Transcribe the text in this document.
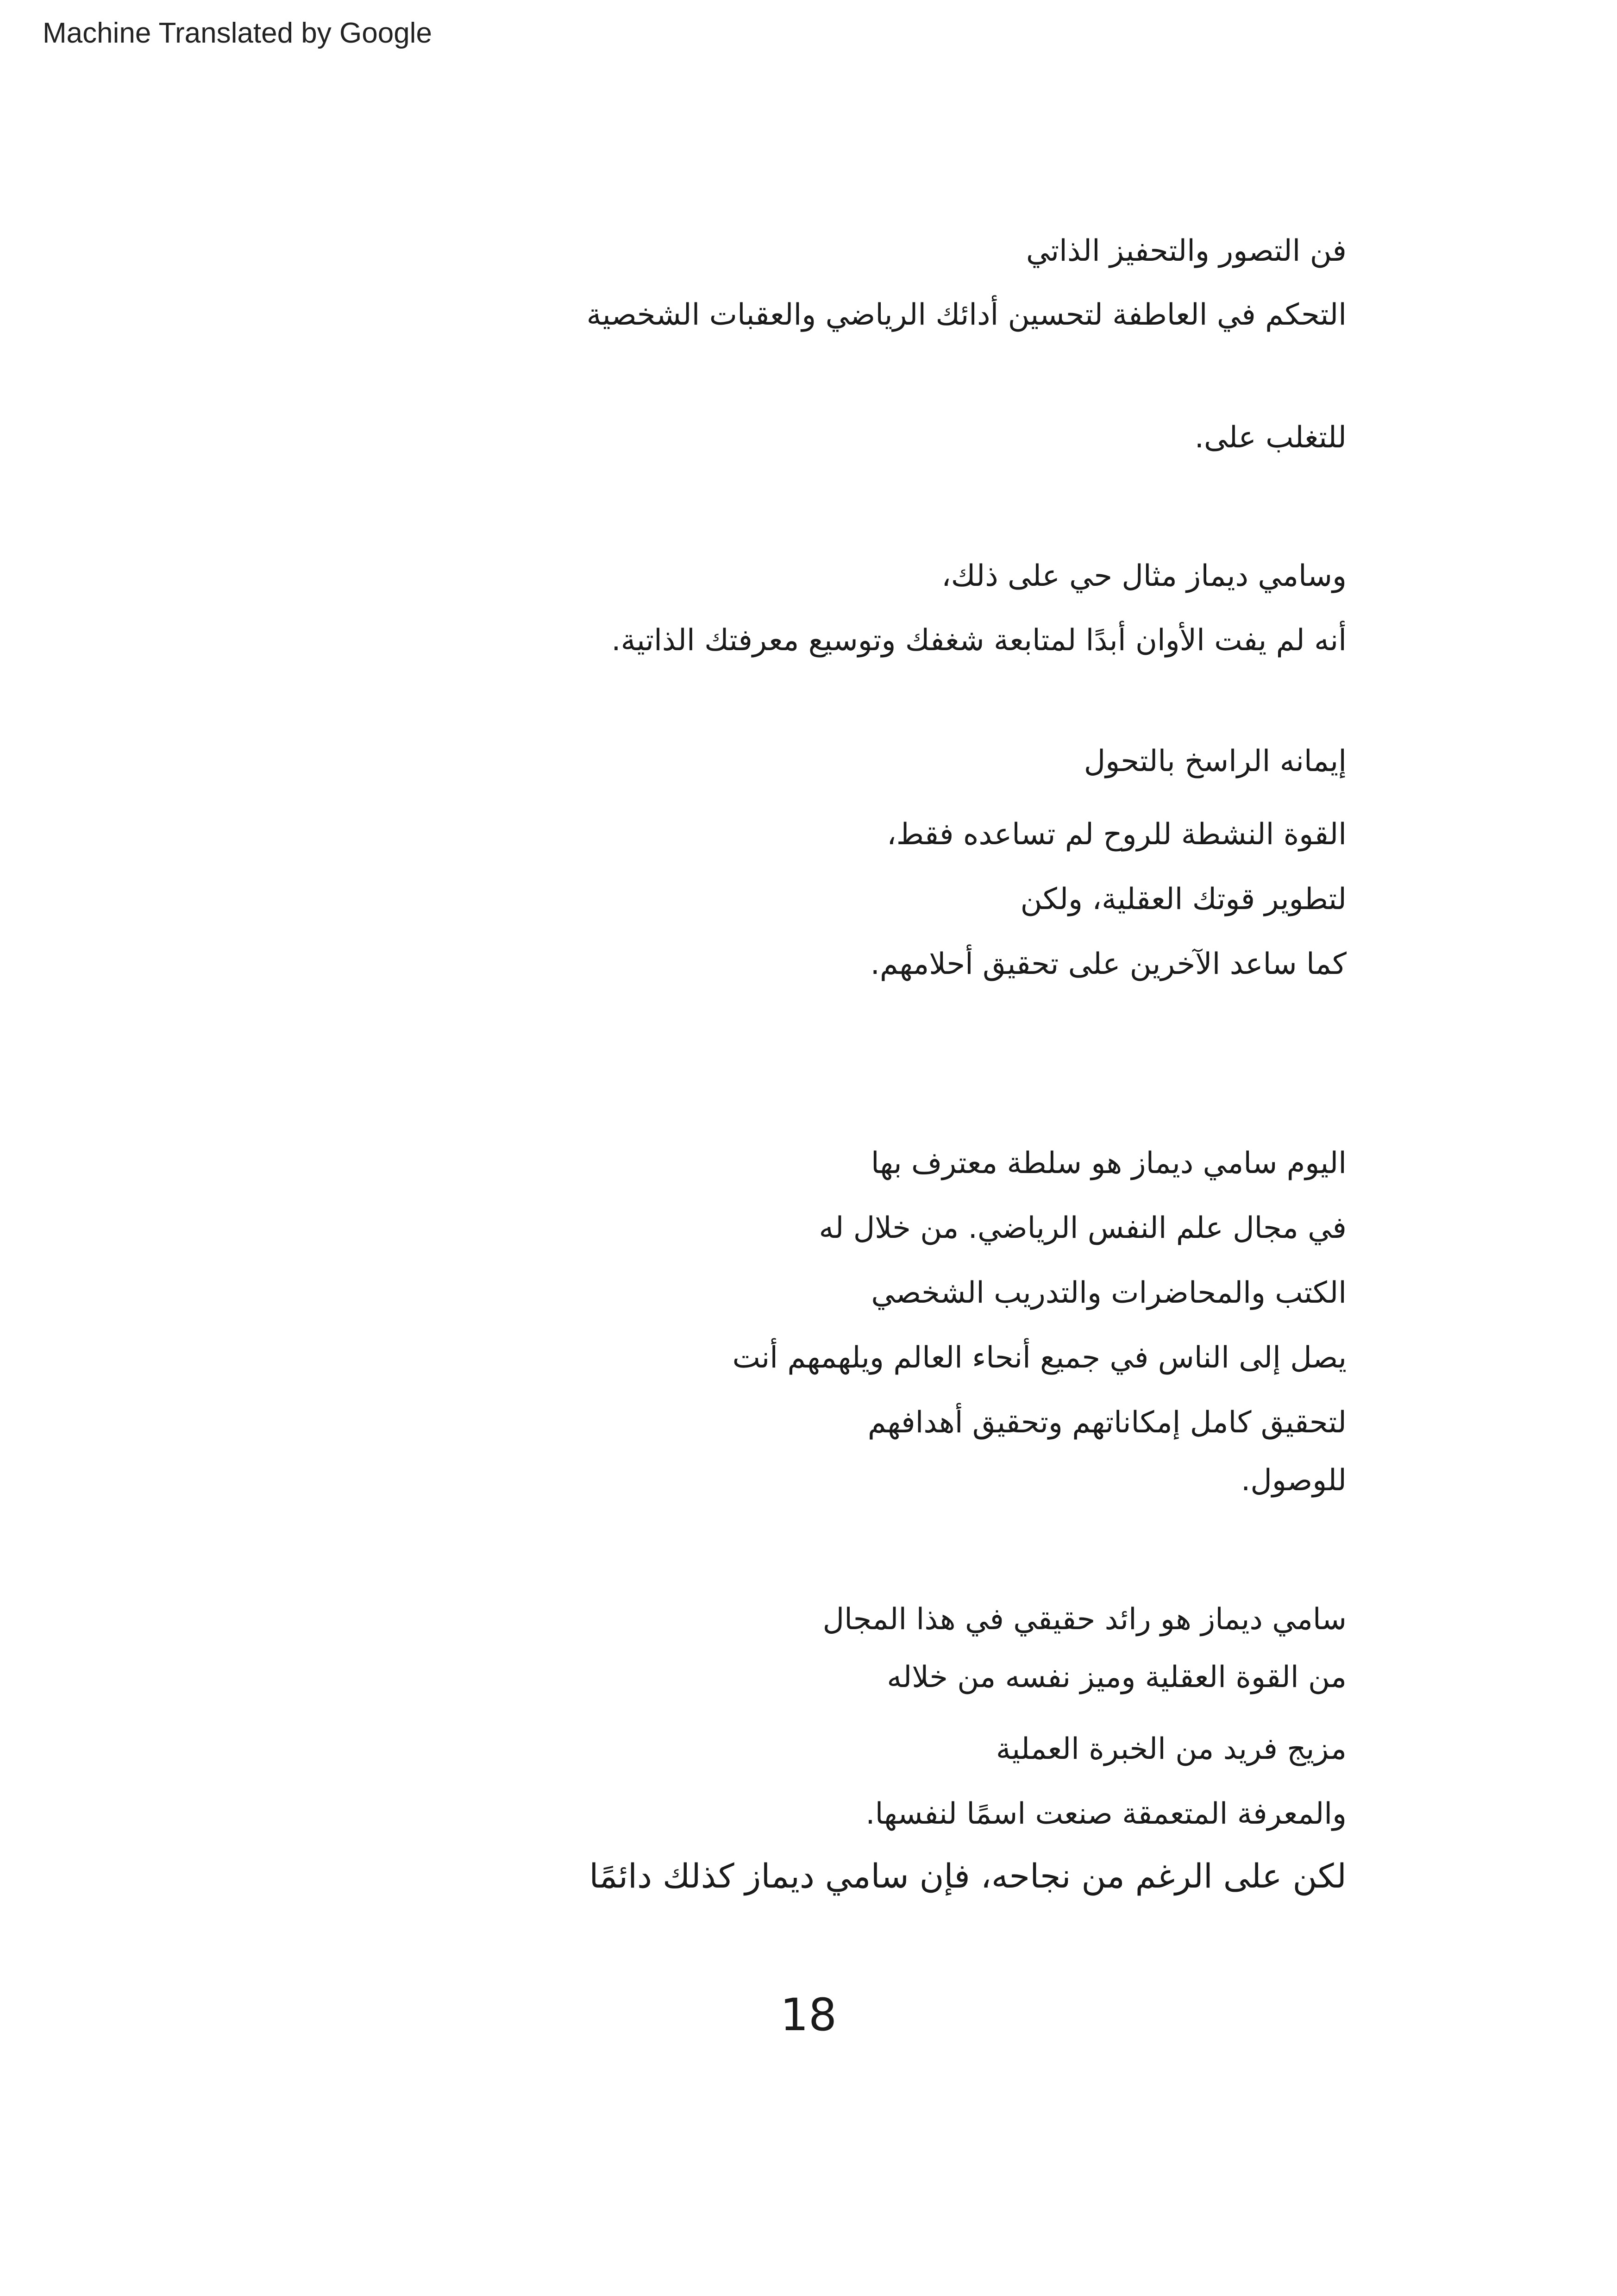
Machine Translated by Google
فن التصور والتحفيز الذاتي
التحكم في العاطفة لتحسين أدائك الرياضي والعقبات الشخصية
للتغلب على.
وسامي ديماز مثال حي على ذلك،
أنه لم يفت الأوان أبدًا لمتابعة شغفك وتوسيع معرفتك الذاتية.
إيمانه الراسخ بالتحول
القوة النشطة للروح لم تساعده فقط،
لتطوير قوتك العقلية، ولكن
كما ساعد الآخرين على تحقيق أحلامهم.
اليوم سامي ديماز هو سلطة معترف بها
في مجال علم النفس الرياضي. من خلال له
الكتب والمحاضرات والتدريب الشخصي
يصل إلى الناس في جميع أنحاء العالم ويلهمهم أنت
لتحقيق كامل إمكاناتهم وتحقيق أهدافهم
للوصول.
سامي ديماز هو رائد حقيقي في هذا المجال
من القوة العقلية وميز نفسه من خلاله
مزيج فريد من الخبرة العملية
والمعرفة المتعمقة صنعت اسمًا لنفسها.
لكن على الرغم من نجاحه، فإن سامي ديماز كذلك دائمًا
18
